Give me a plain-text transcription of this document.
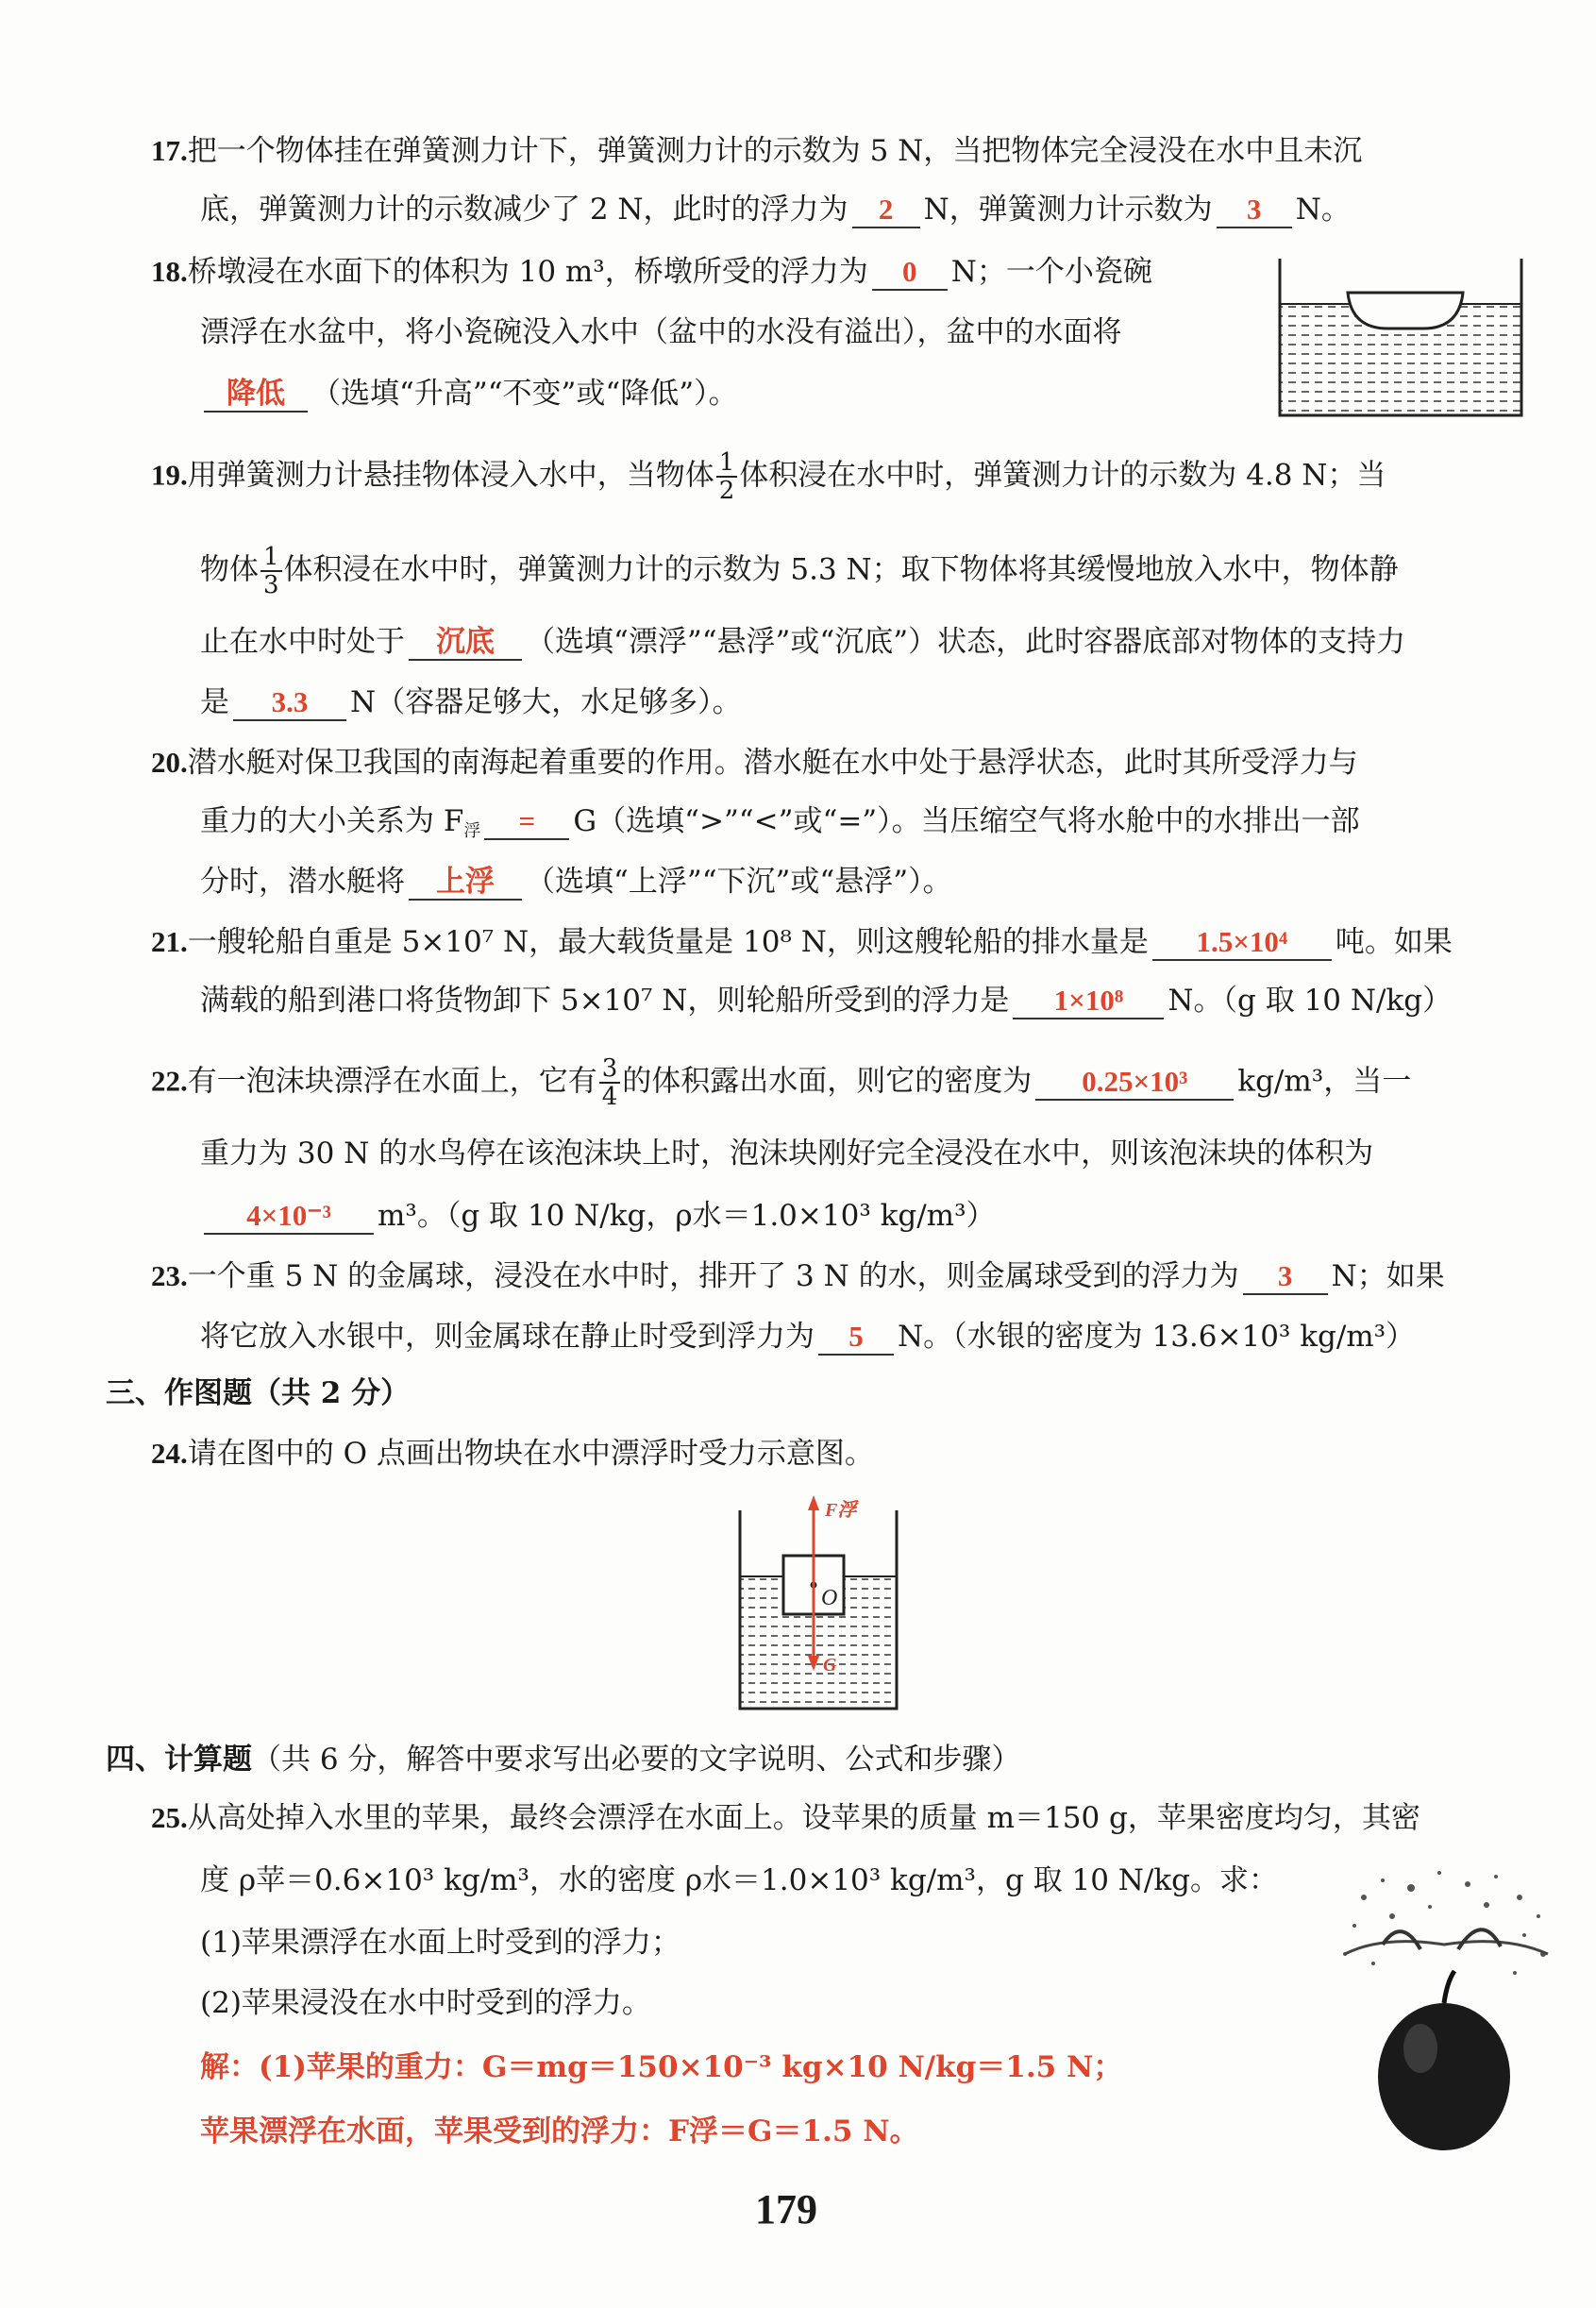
17.把一个物体挂在弹簧测力计下，弹簧测力计的示数为 5 N，当把物体完全浸没在水中且未沉
底，弹簧测力计的示数减少了 2 N，此时的浮力为 2 N，弹簧测力计示数为 3 N。
18.桥墩浸在水面下的体积为 10 m³，桥墩所受的浮力为 0 N；一个小瓷碗
漂浮在水盆中，将小瓷碗没入水中（盆中的水没有溢出），盆中的水面将
降低 （选填“升高”“不变”或“降低”）。
19.用弹簧测力计悬挂物体浸入水中，当物体 $\frac{1}{2}$ 体积浸在水中时，弹簧测力计的示数为 4.8 N；当
物体 $\frac{1}{3}$ 体积浸在水中时，弹簧测力计的示数为 5.3 N；取下物体将其缓慢地放入水中，物体静
止在水中时处于 沉底 （选填“漂浮”“悬浮”或“沉底”）状态，此时容器底部对物体的支持力
是 3.3 N（容器足够大，水足够多）。
20.潜水艇对保卫我国的南海起着重要的作用。潜水艇在水中处于悬浮状态，此时其所受浮力与
重力的大小关系为 $F_浮 = G$（选填“>”“<”或“=”）。当压缩空气将水舱中的水排出一部
分时，潜水艇将 上浮 （选填“上浮”“下沉”或“悬浮”）。
21.一艘轮船自重是 5×10⁷ N，最大载货量是 10⁸ N，则这艘轮船的排水量是 1.5×10⁴ 吨。如果
满载的船到港口将货物卸下 5×10⁷ N，则轮船所受到的浮力是 1×10⁸ N。（g 取 10 N/kg）
22.有一泡沫块漂浮在水面上，它有 $\frac{3}{4}$ 的体积露出水面，则它的密度为 0.25×10³ kg/m³，当一
重力为 30 N 的水鸟停在该泡沫块上时，泡沫块刚好完全浸没在水中，则该泡沫块的体积为
4×10⁻³ m³。（g 取 10 N/kg，ρ水＝1.0×10³ kg/m³）
23.一个重 5 N 的金属球，浸没在水中时，排开了 3 N 的水，则金属球受到的浮力为 3 N；如果
将它放入水银中，则金属球在静止时受到浮力为 5 N。（水银的密度为 13.6×10³ kg/m³）
三、作图题（共 2 分）
24.请在图中的 O 点画出物块在水中漂浮时受力示意图。
F浮
O
G
四、计算题（共 6 分，解答中要求写出必要的文字说明、公式和步骤）
25.从高处掉入水里的苹果，最终会漂浮在水面上。设苹果的质量 m＝150 g，苹果密度均匀，其密
度 ρ苹＝0.6×10³ kg/m³，水的密度 ρ水＝1.0×10³ kg/m³，g 取 10 N/kg。求：
(1)苹果漂浮在水面上时受到的浮力；
(2)苹果浸没在水中时受到的浮力。
解：(1)苹果的重力：G＝mg＝150×10⁻³ kg×10 N/kg＝1.5 N；
苹果漂浮在水面，苹果受到的浮力：F浮＝G＝1.5 N。
179
